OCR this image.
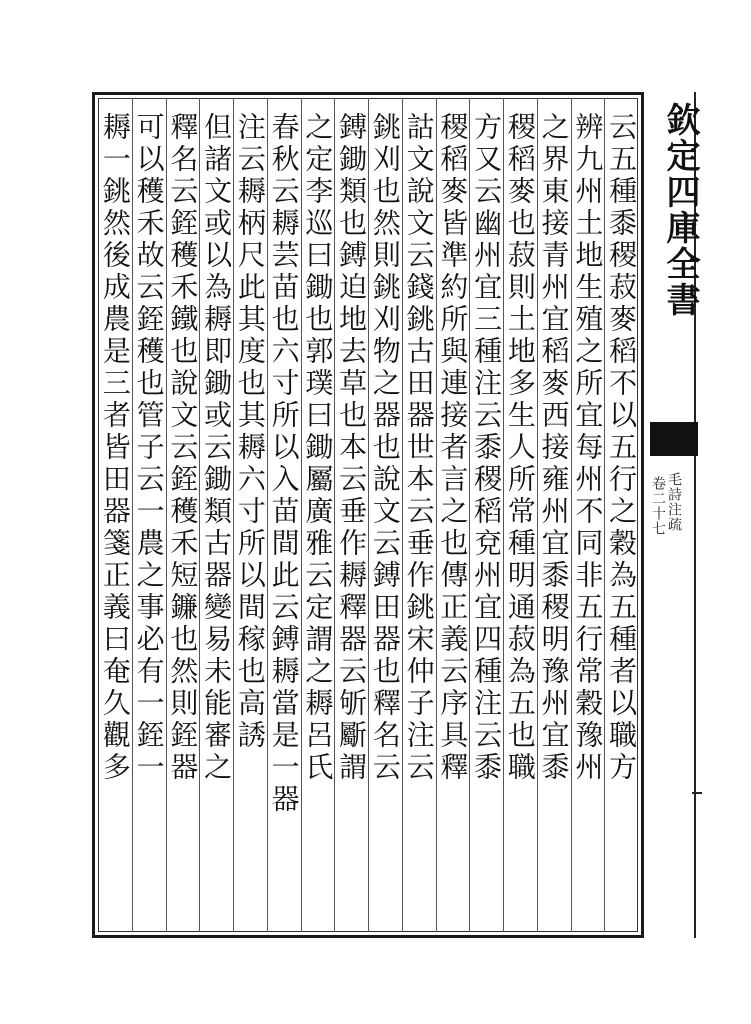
云五種黍稷菽麥稻不以五行之穀為五種者以職方
辨九州土地生殖之所宜每州不同非五行常穀豫州
之界東接青州宜稻麥西接雍州宜黍稷明豫州宜黍
稷稻麥也菽則土地多生人所常種明通菽為五也職
方又云幽州宜三種注云黍稷稻兗州宜四種注云黍
稷稻麥皆準約所與連接者言之也傳正義云序具釋
詁文說文云錢銚古田器世本云垂作銚宋仲子注云
銚刈也然則銚刈物之器也說文云鎛田器也釋名云
鎛鋤類也鎛迫地去草也本云垂作耨釋器云斪斸謂
之定李巡曰鋤也郭璞曰鋤屬廣雅云定謂之耨呂氏
春秋云耨芸苗也六寸所以入苗間此云鎛耨當是一器
注云耨柄尺此其度也其耨六寸所以間稼也高誘
但諸文或以為耨即鋤或云鋤類古器變易未能審之
釋名云銍穫禾鐵也說文云銍穫禾短鐮也然則銍器
可以穫禾故云銍穫也管子云一農之事必有一銍一
耨一銚然後成農是三者皆田器箋正義曰奄久觀多	欽定四庫全書
毛詩注疏
卷二十七
